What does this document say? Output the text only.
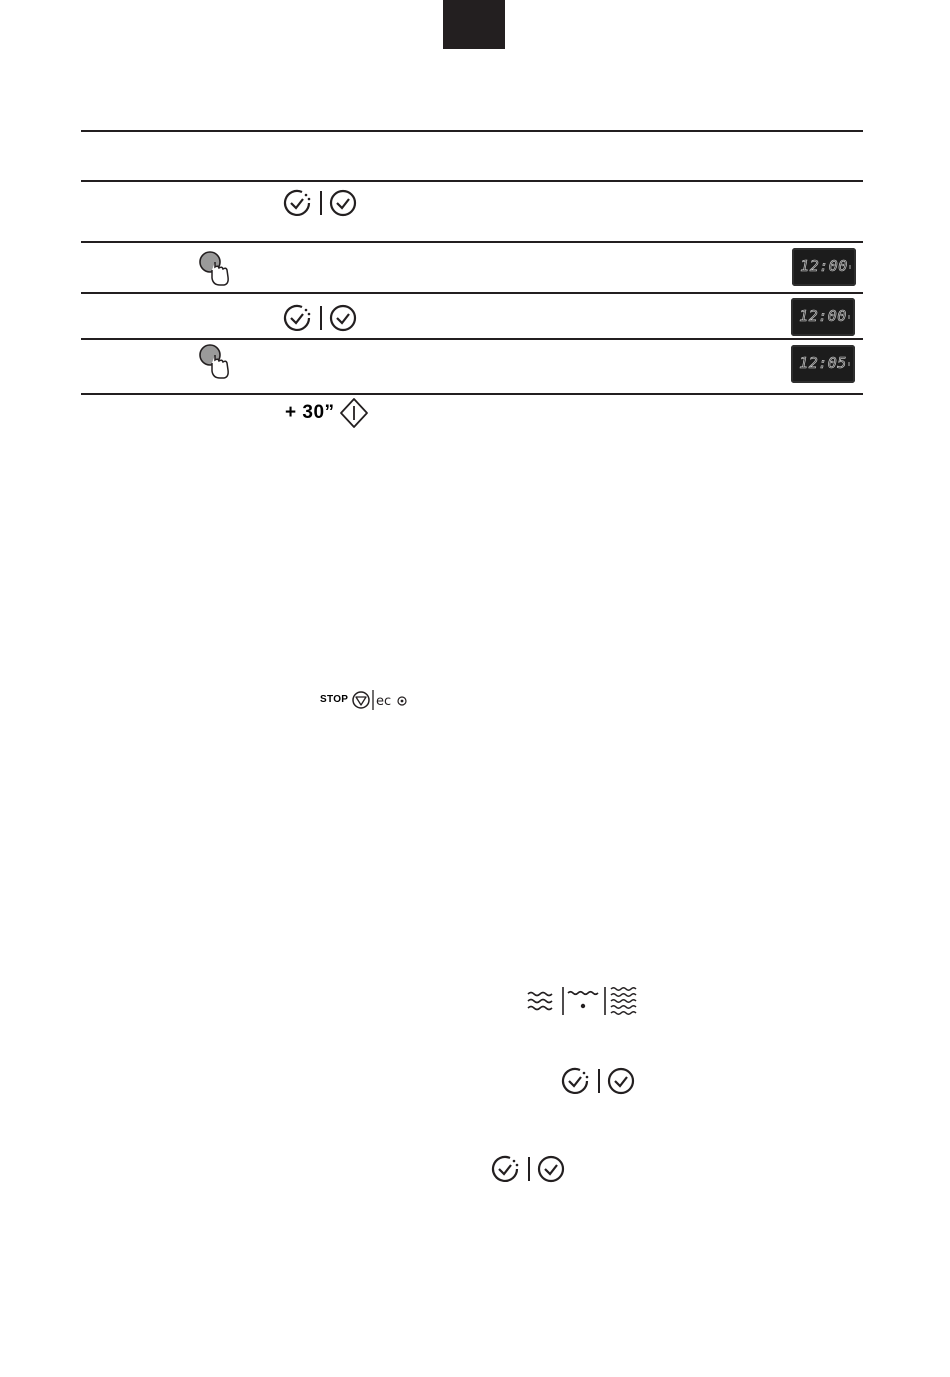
12:00
12:00
12:05
+ 30”
STOP ec
